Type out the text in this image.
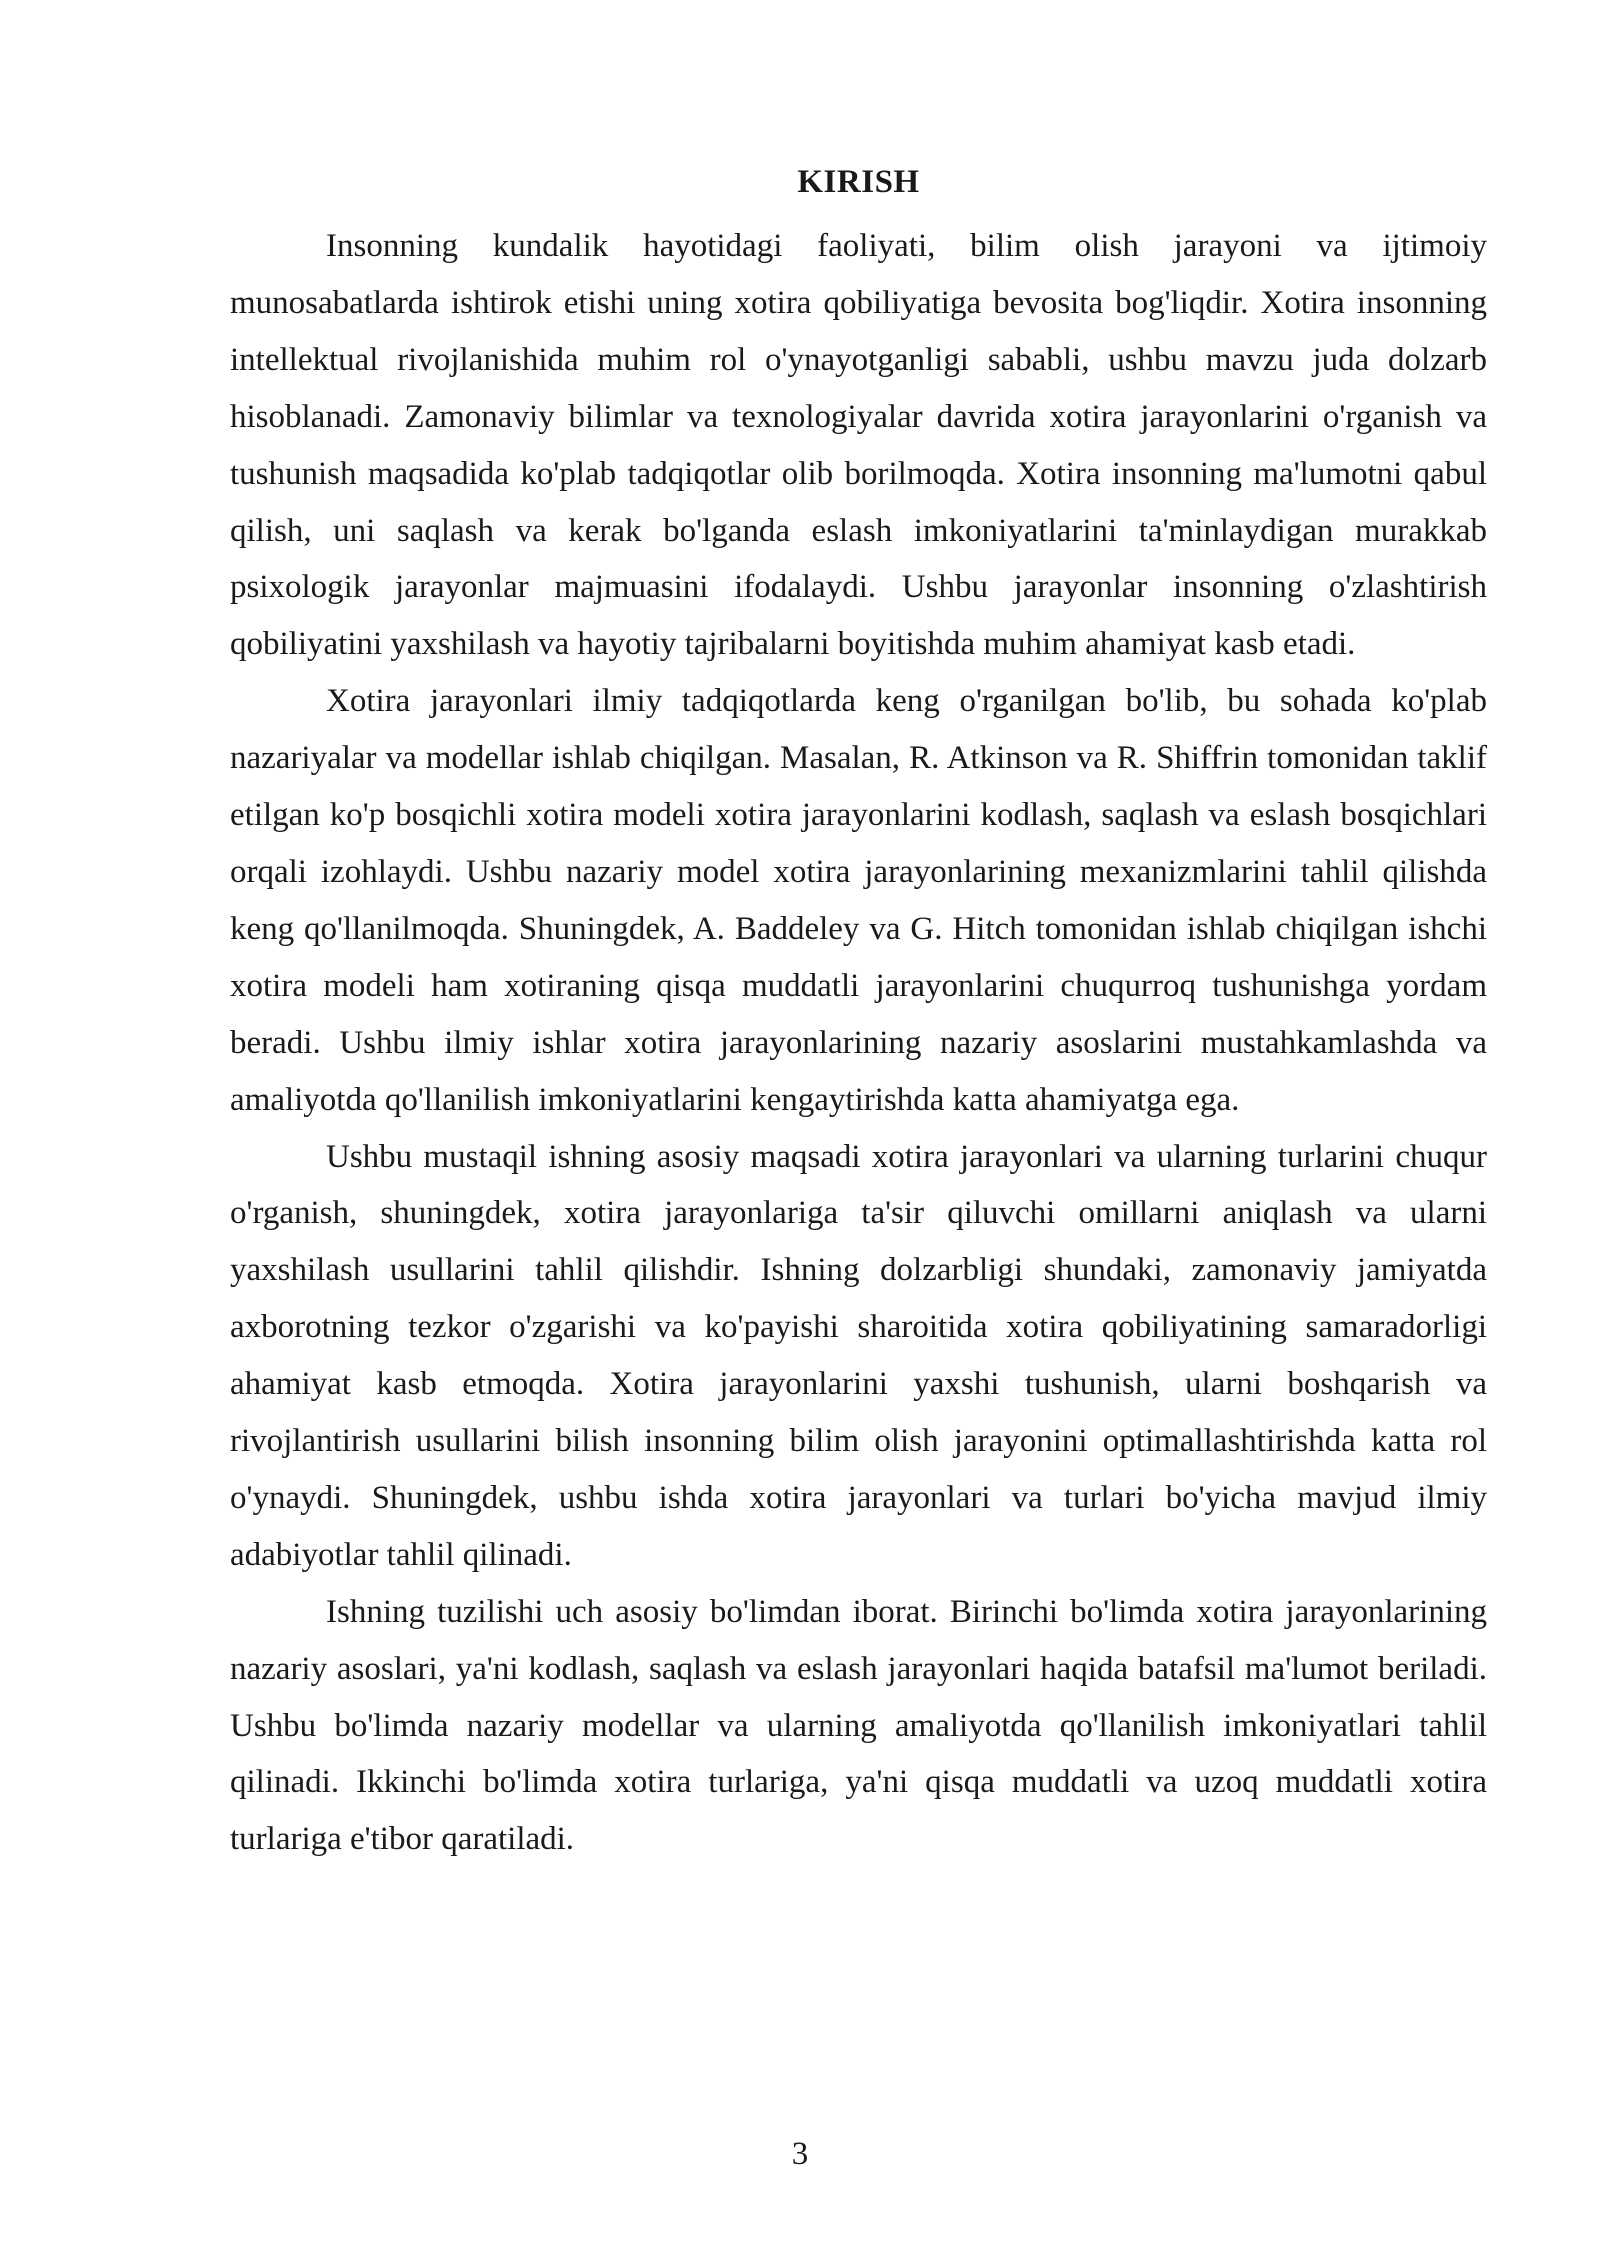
KIRISH

Insonning kundalik hayotidagi faoliyati, bilim olish jarayoni va ijtimoiy munosabatlarda ishtirok etishi uning xotira qobiliyatiga bevosita bog'liqdir. Xotira insonning intellektual rivojlanishida muhim rol o'ynayotganligi sababli, ushbu mavzu juda dolzarb hisoblanadi. Zamonaviy bilimlar va texnologiyalar davrida xotira jarayonlarini o'rganish va tushunish maqsadida ko'plab tadqiqotlar olib borilmoqda. Xotira insonning ma'lumotni qabul qilish, uni saqlash va kerak bo'lganda eslash imkoniyatlarini ta'minlaydigan murakkab psixologik jarayonlar majmuasini ifodalaydi. Ushbu jarayonlar insonning o'zlashtirish qobiliyatini yaxshilash va hayotiy tajribalarni boyitishda muhim ahamiyat kasb etadi.

Xotira jarayonlari ilmiy tadqiqotlarda keng o'rganilgan bo'lib, bu sohada ko'plab nazariyalar va modellar ishlab chiqilgan. Masalan, R. Atkinson va R. Shiffrin tomonidan taklif etilgan ko'p bosqichli xotira modeli xotira jarayonlarini kodlash, saqlash va eslash bosqichlari orqali izohlaydi. Ushbu nazariy model xotira jarayonlarining mexanizmlarini tahlil qilishda keng qo'llanilmoqda. Shuningdek, A. Baddeley va G. Hitch tomonidan ishlab chiqilgan ishchi xotira modeli ham xotiraning qisqa muddatli jarayonlarini chuqurroq tushunishga yordam beradi. Ushbu ilmiy ishlar xotira jarayonlarining nazariy asoslarini mustahkamlashda va amaliyotda qo'llanilish imkoniyatlarini kengaytirishda katta ahamiyatga ega.

Ushbu mustaqil ishning asosiy maqsadi xotira jarayonlari va ularning turlarini chuqur o'rganish, shuningdek, xotira jarayonlariga ta'sir qiluvchi omillarni aniqlash va ularni yaxshilash usullarini tahlil qilishdir. Ishning dolzarbligi shundaki, zamonaviy jamiyatda axborotning tezkor o'zgarishi va ko'payishi sharoitida xotira qobiliyatining samaradorligi ahamiyat kasb etmoqda. Xotira jarayonlarini yaxshi tushunish, ularni boshqarish va rivojlantirish usullarini bilish insonning bilim olish jarayonini optimallashtirishda katta rol o'ynaydi. Shuningdek, ushbu ishda xotira jarayonlari va turlari bo'yicha mavjud ilmiy adabiyotlar tahlil qilinadi.

Ishning tuzilishi uch asosiy bo'limdan iborat. Birinchi bo'limda xotira jarayonlarining nazariy asoslari, ya'ni kodlash, saqlash va eslash jarayonlari haqida batafsil ma'lumot beriladi. Ushbu bo'limda nazariy modellar va ularning amaliyotda qo'llanilish imkoniyatlari tahlil qilinadi. Ikkinchi bo'limda xotira turlariga, ya'ni qisqa muddatli va uzoq muddatli xotira turlariga e'tibor qaratiladi.

3
